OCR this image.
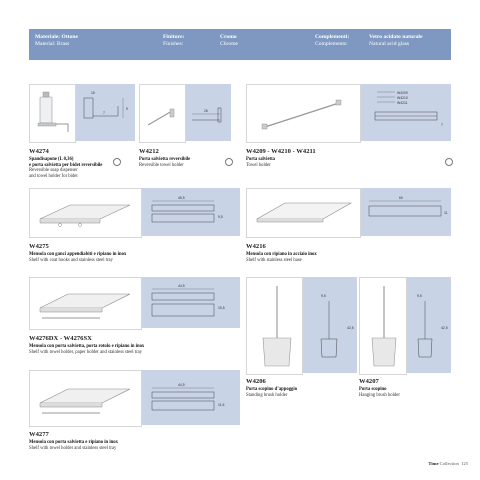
Materiale: Ottone
Material: Brass
Finiture:
Finishes:
Cromo
Chrome
Complementi:
Complements:
Vetro acidato naturale
Natural acid glass
15
9
7
W4274
Spandisapone (L 0,36)
e porta salvietta per bidet reversibile
Reversible soap dispenser
and towel holder for bidet
26
W4212
Porta salvietta reversibile
Reversible towel holder
W4209
W4210
W4211
7
W4209 - W4210 - W4211
Porta salvietta
Towel holder
45,5
9,5
W4275
Mensola con ganci appendiabiti e ripiano in inox
Shelf with coat hooks and stainless steel tray
60
11
W4216
Mensola con ripiano in acciaio inox
Shelf with stainless steel base
44,5
15,5
W4276DX - W4276SX
Mensola con porta salvietta, porta rotolo e ripiano in inox
Shelf with towel holder, paper holder and stainless steel tray
9,5
42,5
9,5
42,5
W4206
Porta scopino d’appoggio
Standing brush holder
W4207
Porta scopino
Hanging brush holder
44,5
11,5
W4277
Mensola con porta salvietta e ripiano in inox
Shelf with towel holder and stainless steel tray
Time Collection 125
